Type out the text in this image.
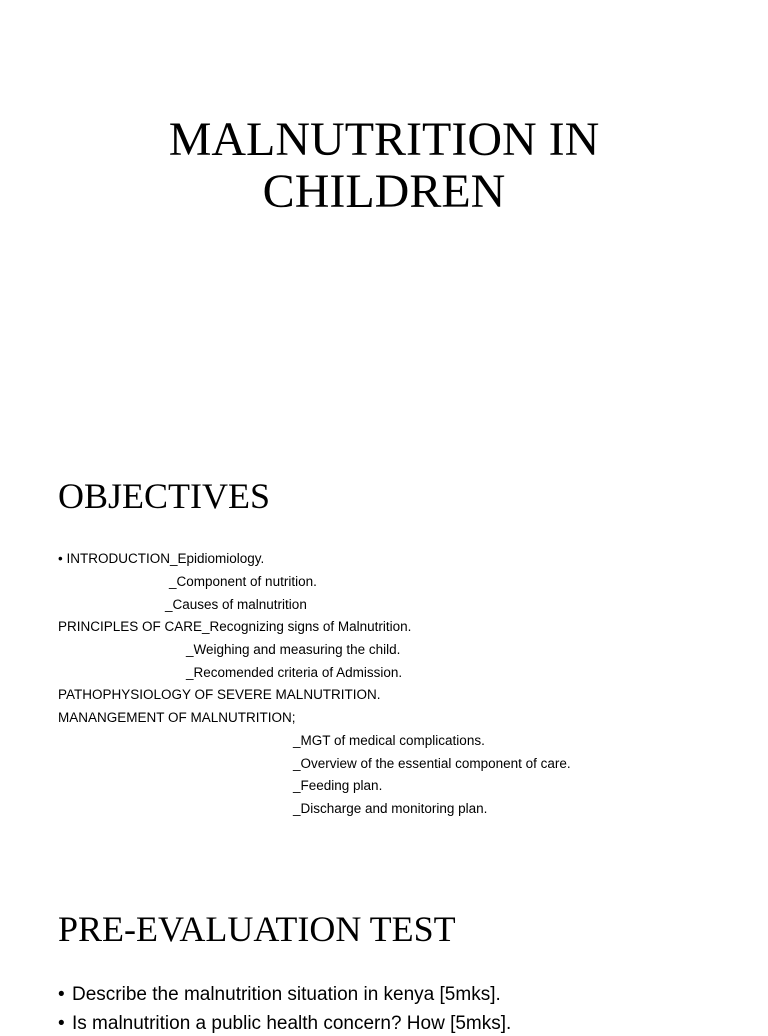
MALNUTRITION IN
CHILDREN
OBJECTIVES
• INTRODUCTION_Epidiomiology.
_Component of nutrition.
_Causes of malnutrition
PRINCIPLES OF CARE_Recognizing signs of Malnutrition.
_Weighing and measuring the child.
_Recomended criteria of Admission.
PATHOPHYSIOLOGY OF SEVERE MALNUTRITION.
MANANGEMENT OF MALNUTRITION;
_MGT of medical complications.
_Overview of the essential component of care.
_Feeding plan.
_Discharge and monitoring plan.
PRE-EVALUATION TEST
• Describe the malnutrition situation in kenya [5mks].
• Is malnutrition a public health concern? How [5mks].
